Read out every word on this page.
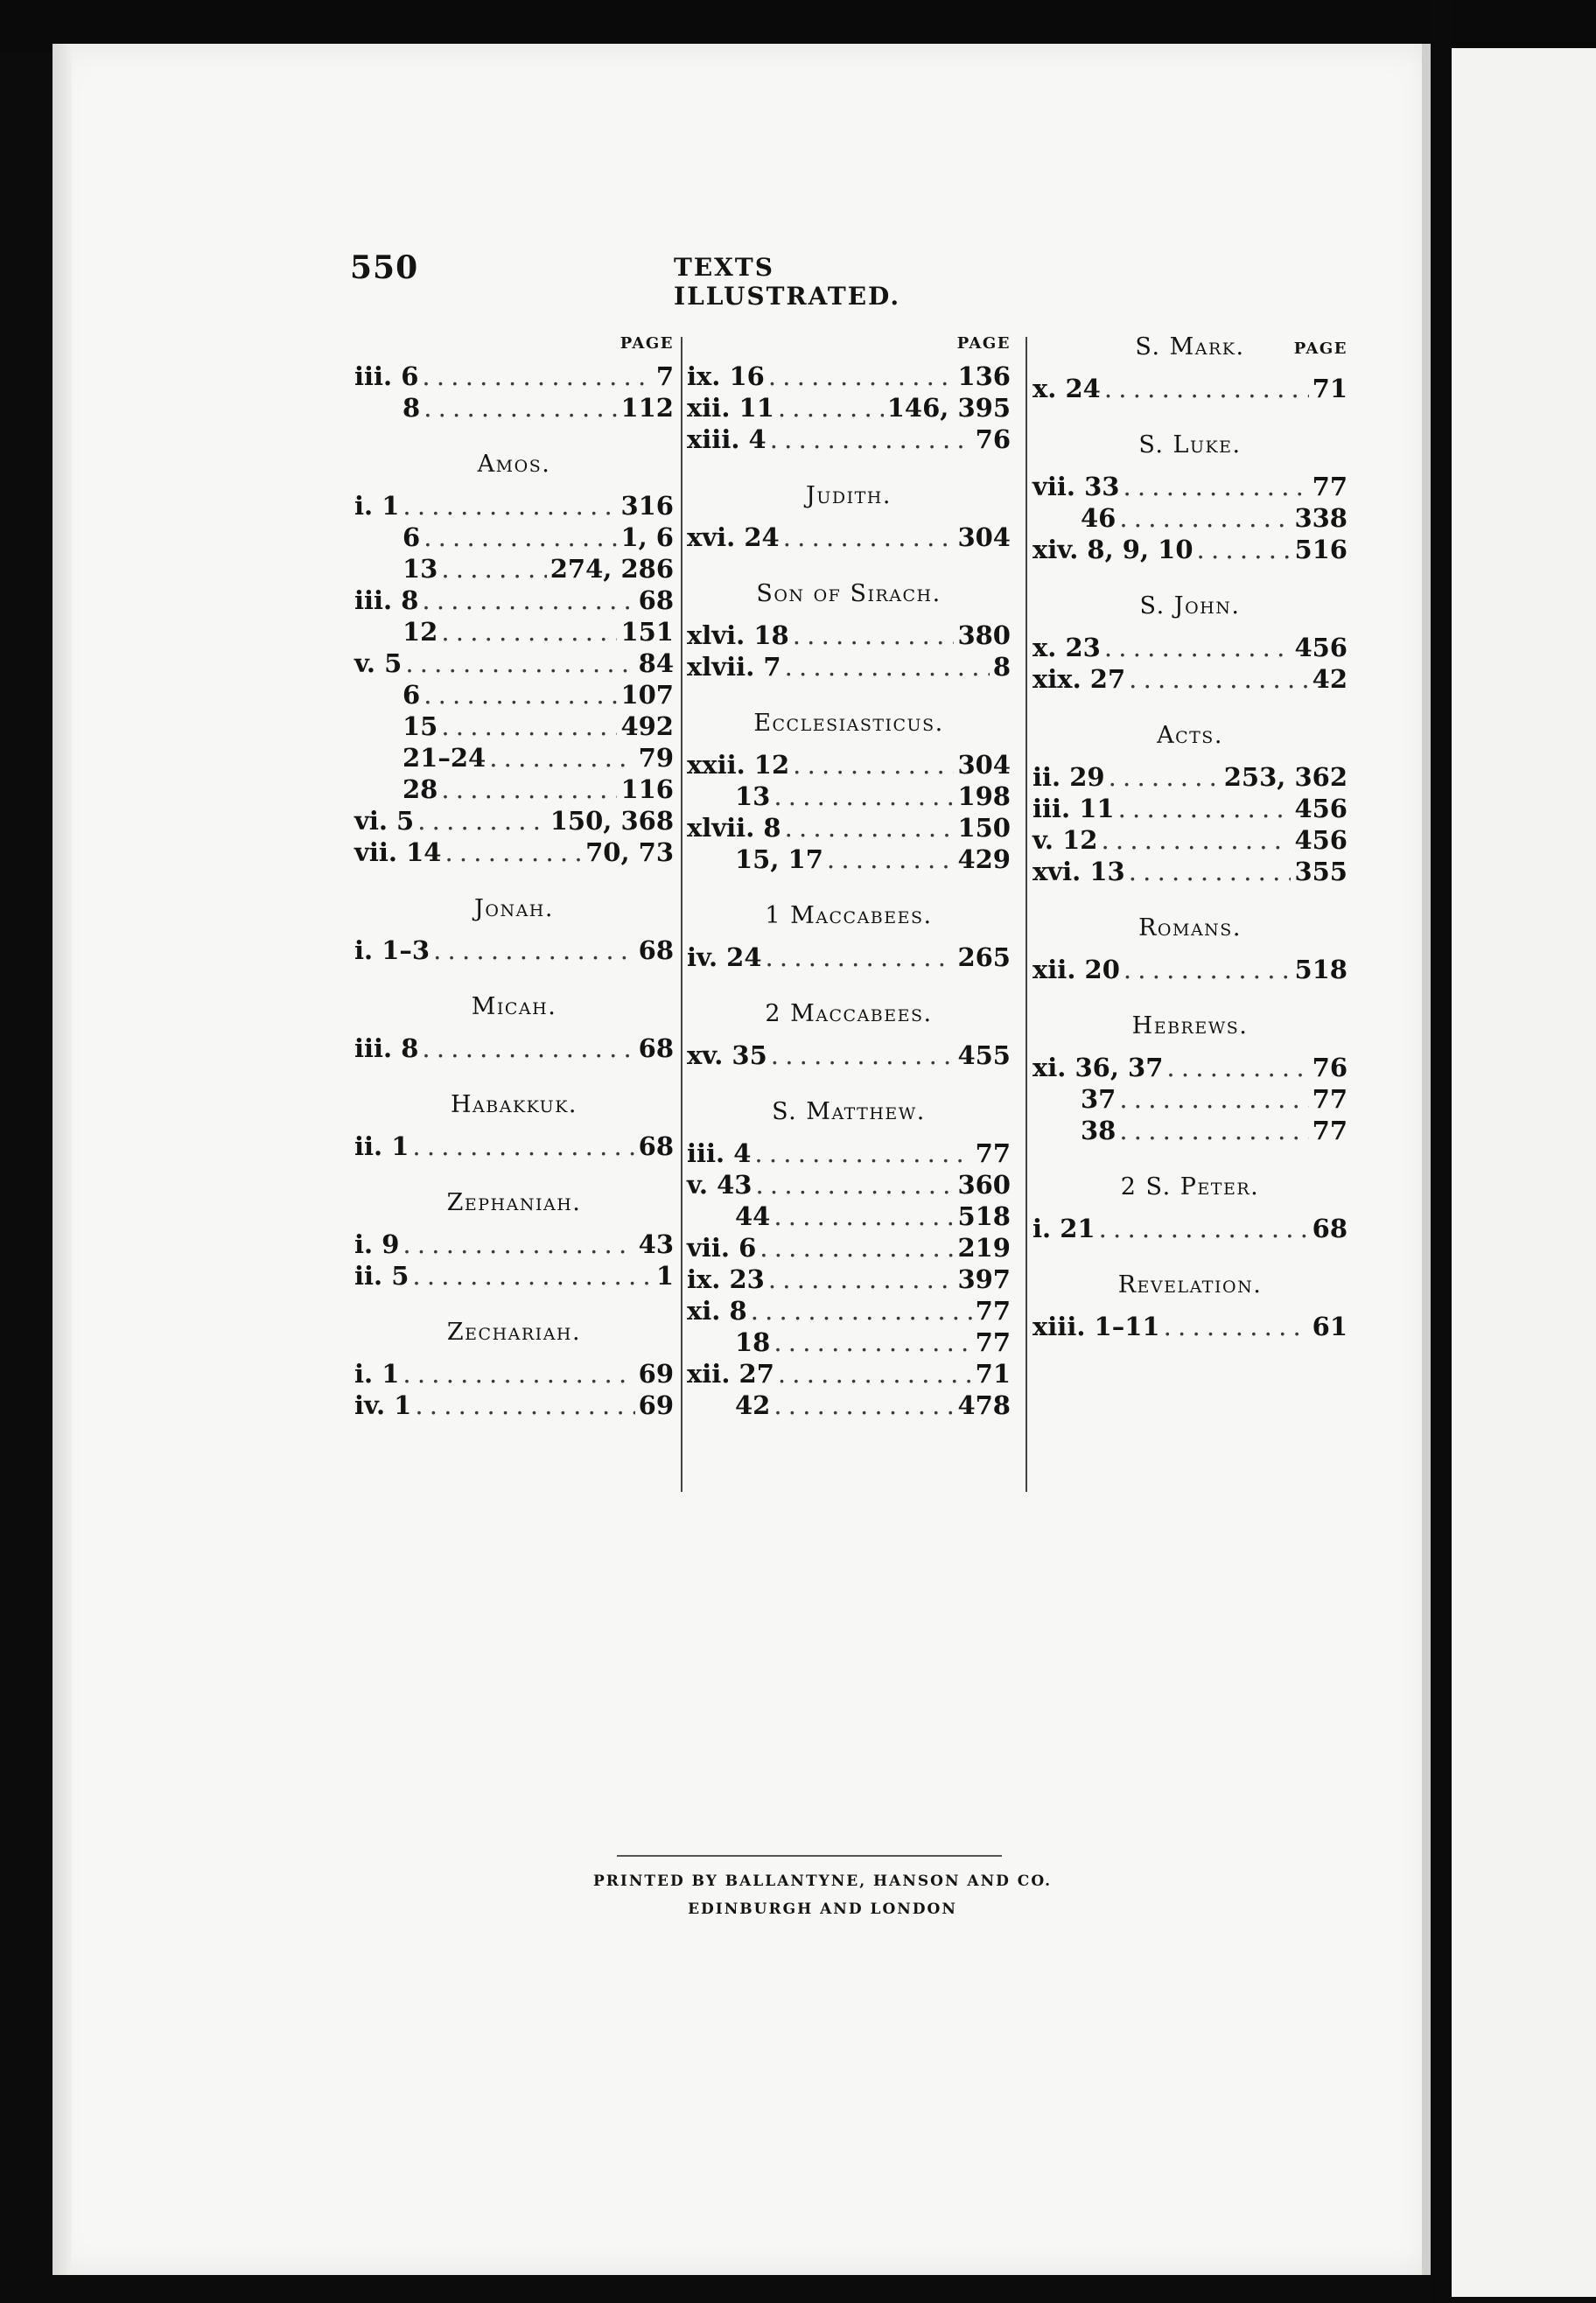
550	TEXTS ILLUSTRATED.
PAGE
iii. 6 . . .	7
8 . . .	112
Amos.
i. 1 . . .	316
6 . . .	1, 6
13 . . .	274, 286
iii. 8 . . .	68
12 . . .	151
v. 5 . . .	84
6 . . .	107
15 . . .	492
21–24 . . .	79
28 . . .	116
vi. 5 . . .	150, 368
vii. 14 . . .	70, 73
Jonah.
i. 1–3 . . .	68
Micah.
iii. 8 . . .	68
Habakkuk.
ii. 1 . . .	68
Zephaniah.
i. 9 . . .	43
ii. 5 . . .	1
Zechariah.
i. 1 . . .	69
iv. 1 . . .	69
PAGE
ix. 16 . . .	136
xii. 11 . . .	146, 395
xiii. 4 . . .	76
Judith.
xvi. 24 . . .	304
Son of Sirach.
xlvi. 18 . . .	380
xlvii. 7 . . .	8
Ecclesiasticus.
xxii. 12 . . .	304
13 . . .	198
xlvii. 8 . . .	150
15, 17 . . .	429
1 Maccabees.
iv. 24 . . .	265
2 Maccabees.
xv. 35 . . .	455
S. Matthew.
iii. 4 . . .	77
v. 43 . . .	360
44 . . .	518
vii. 6 . . .	219
ix. 23 . . .	397
xi. 8 . . .	77
18 . . .	77
xii. 27 . . .	71
42 . . .	478
S. Mark.	PAGE
x. 24 . . .	71
S. Luke.
vii. 33 . . .	77
46 . . .	338
xiv. 8, 9, 10 . . .	516
S. John.
x. 23 . . .	456
xix. 27 . . .	42
Acts.
ii. 29 . . .	253, 362
iii. 11 . . .	456
v. 12 . . .	456
xvi. 13 . . .	355
Romans.
xii. 20 . . .	518
Hebrews.
xi. 36, 37 . . .	76
37 . . .	77
38 . . .	77
2 S. Peter.
i. 21 . . .	68
Revelation.
xiii. 1–11 . . .	61
PRINTED BY BALLANTYNE, HANSON AND CO.
EDINBURGH AND LONDON
